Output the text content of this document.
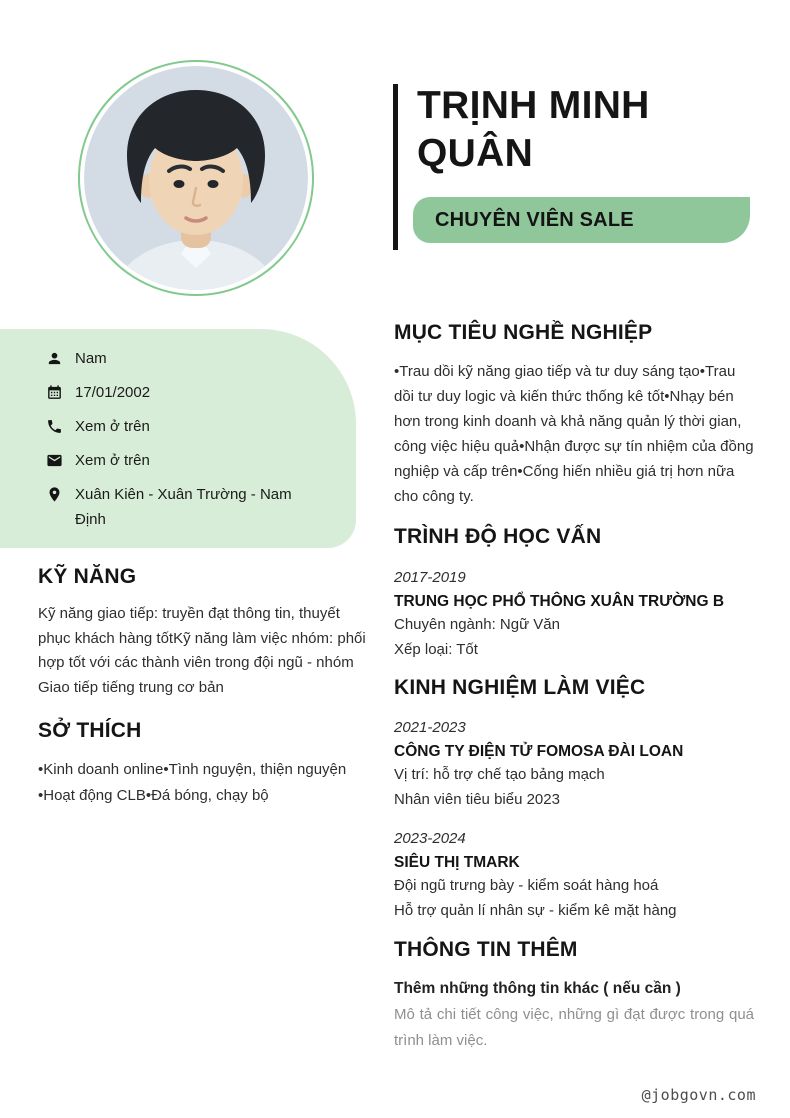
TRỊNH MINH QUÂN
CHUYÊN VIÊN SALE
Nam
17/01/2002
Xem ở trên
Xem ở trên
Xuân Kiên - Xuân Trường - Nam Định
KỸ NĂNG
Kỹ năng giao tiếp: truyền đạt thông tin, thuyết phục khách hàng tốtKỹ năng làm việc nhóm: phối hợp tốt với các thành viên trong đội ngũ - nhóm
Giao tiếp tiếng trung cơ bản
SỞ THÍCH
•Kinh doanh online•Tình nguyện, thiện nguyện •Hoạt động CLB•Đá bóng, chạy bộ
MỤC TIÊU NGHỀ NGHIỆP
•Trau dồi kỹ năng giao tiếp và tư duy sáng tạo•Trau dồi tư duy logic và kiến thức thống kê tốt•Nhạy bén hơn trong kinh doanh và khả năng quản lý thời gian, công việc hiệu quả•Nhận được sự tín nhiệm của đồng nghiệp và cấp trên•Cống hiến nhiều giá trị hơn nữa cho công ty.
TRÌNH ĐỘ HỌC VẤN
2017-2019
TRUNG HỌC PHỔ THÔNG XUÂN TRƯỜNG B
Chuyên ngành: Ngữ Văn
Xếp loại: Tốt
KINH NGHIỆM LÀM VIỆC
2021-2023
CÔNG TY ĐIỆN TỬ FOMOSA ĐÀI LOAN
Vị trí: hỗ trợ chế tạo bảng mạch
Nhân viên tiêu biểu 2023
2023-2024
SIÊU THỊ TMARK
Đội ngũ trưng bày - kiểm soát hàng hoá
Hỗ trợ quản lí nhân sự - kiểm kê mặt hàng
THÔNG TIN THÊM
Thêm những thông tin khác ( nếu cần )
Mô tả chi tiết công việc, những gì đạt được trong quá trình làm việc.
@jobgovn.com
